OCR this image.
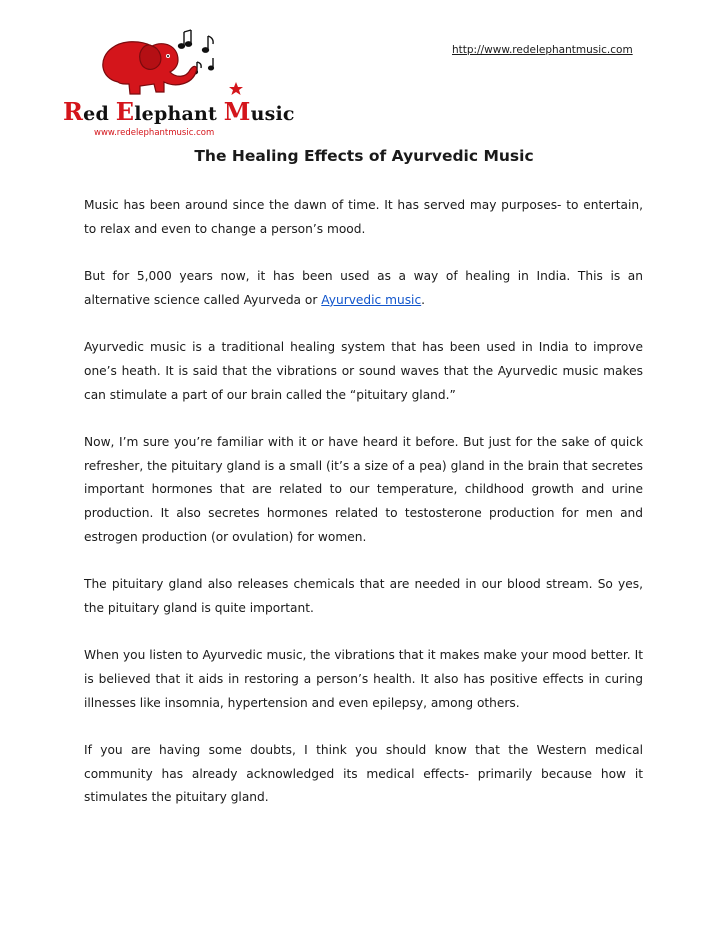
http://www.redelephantmusic.com
Red Elephant Music
www.redelephantmusic.com
The Healing Effects of Ayurvedic Music

Music has been around since the dawn of time. It has served may purposes- to entertain, to relax and even to change a person’s mood.

But for 5,000 years now, it has been used as a way of healing in India. This is an alternative science called Ayurveda or Ayurvedic music.

Ayurvedic music is a traditional healing system that has been used in India to improve one’s heath. It is said that the vibrations or sound waves that the Ayurvedic music makes can stimulate a part of our brain called the “pituitary gland.”

Now, I’m sure you’re familiar with it or have heard it before. But just for the sake of quick refresher, the pituitary gland is a small (it’s a size of a pea) gland in the brain that secretes important hormones that are related to our temperature, childhood growth and urine production. It also secretes hormones related to testosterone production for men and estrogen production (or ovulation) for women.

The pituitary gland also releases chemicals that are needed in our blood stream. So yes, the pituitary gland is quite important.

When you listen to Ayurvedic music, the vibrations that it makes make your mood better. It is believed that it aids in restoring a person’s health. It also has positive effects in curing illnesses like insomnia, hypertension and even epilepsy, among others.

If you are having some doubts, I think you should know that the Western medical community has already acknowledged its medical effects- primarily because how it stimulates the pituitary gland.
